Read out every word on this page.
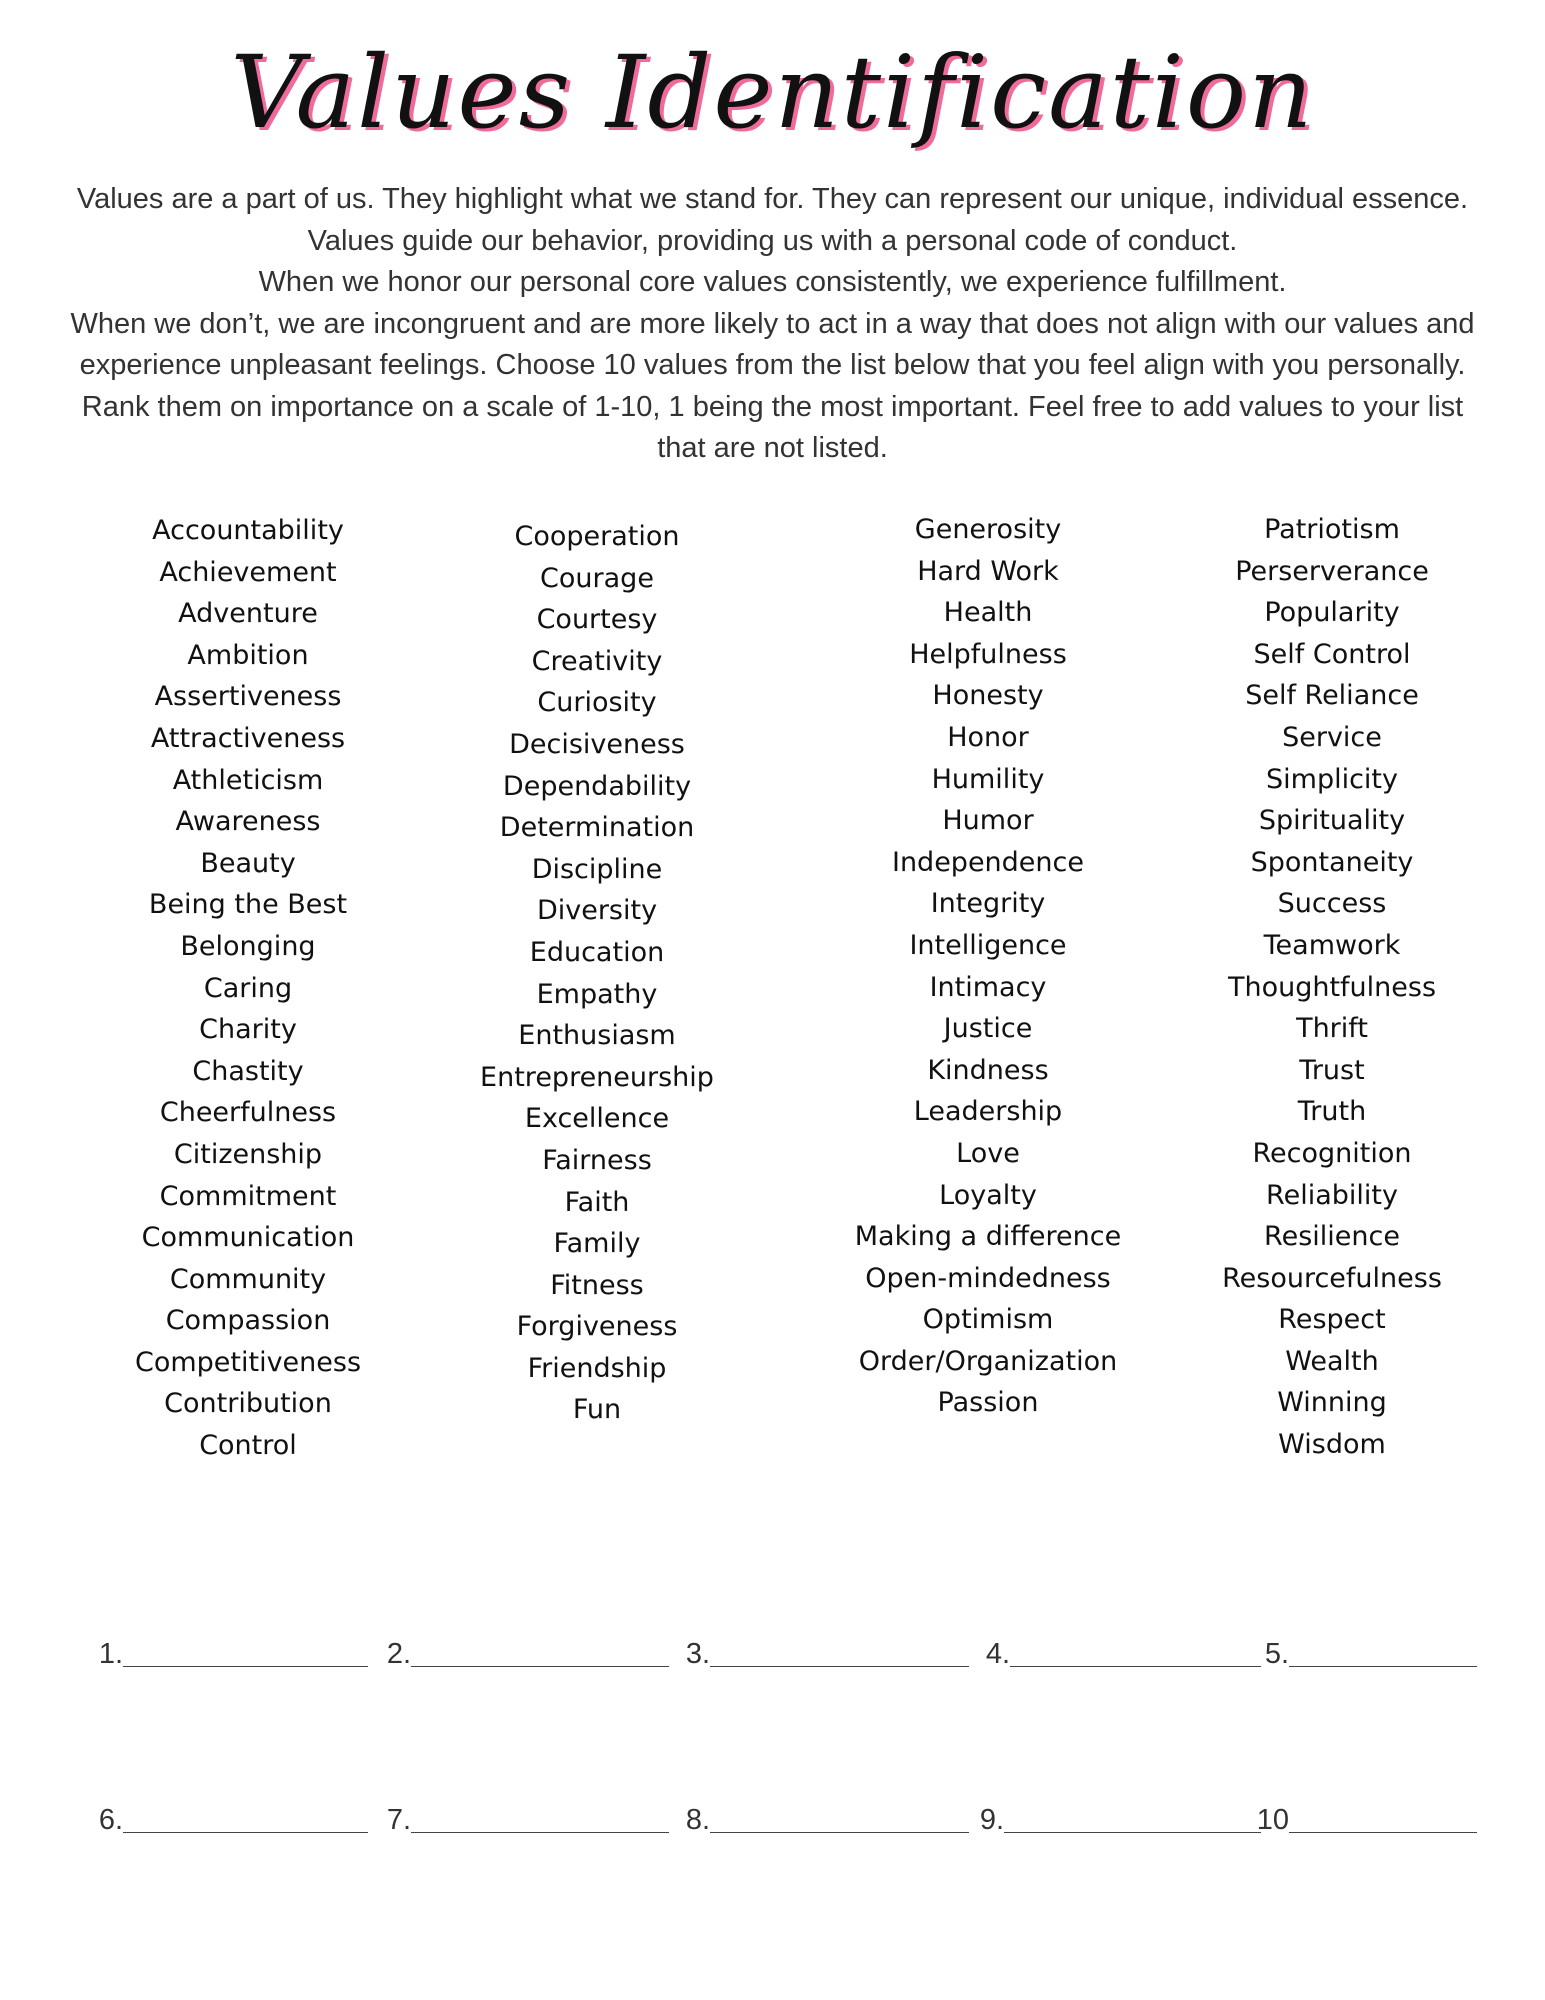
Values Identification
Values are a part of us. They highlight what we stand for. They can represent our unique, individual essence.
Values guide our behavior, providing us with a personal code of conduct.
When we honor our personal core values consistently, we experience fulfillment.
When we don’t, we are incongruent and are more likely to act in a way that does not align with our values and
experience unpleasant feelings. Choose 10 values from the list below that you feel align with you personally.
Rank them on importance on a scale of 1-10, 1 being the most important. Feel free to add values to your list
that are not listed.
Accountability
Achievement
Adventure
Ambition
Assertiveness
Attractiveness
Athleticism
Awareness
Beauty
Being the Best
Belonging
Caring
Charity
Chastity
Cheerfulness
Citizenship
Commitment
Communication
Community
Compassion
Competitiveness
Contribution
Control
Cooperation
Courage
Courtesy
Creativity
Curiosity
Decisiveness
Dependability
Determination
Discipline
Diversity
Education
Empathy
Enthusiasm
Entrepreneurship
Excellence
Fairness
Faith
Family
Fitness
Forgiveness
Friendship
Fun
Generosity
Hard Work
Health
Helpfulness
Honesty
Honor
Humility
Humor
Independence
Integrity
Intelligence
Intimacy
Justice
Kindness
Leadership
Love
Loyalty
Making a difference
Open-mindedness
Optimism
Order/Organization
Passion
Patriotism
Perserverance
Popularity
Self Control
Self Reliance
Service
Simplicity
Spirituality
Spontaneity
Success
Teamwork
Thoughtfulness
Thrift
Trust
Truth
Recognition
Reliability
Resilience
Resourcefulness
Respect
Wealth
Winning
Wisdom
1.	2.	3.	4.	5.
6.	7.	8.	9.	10
